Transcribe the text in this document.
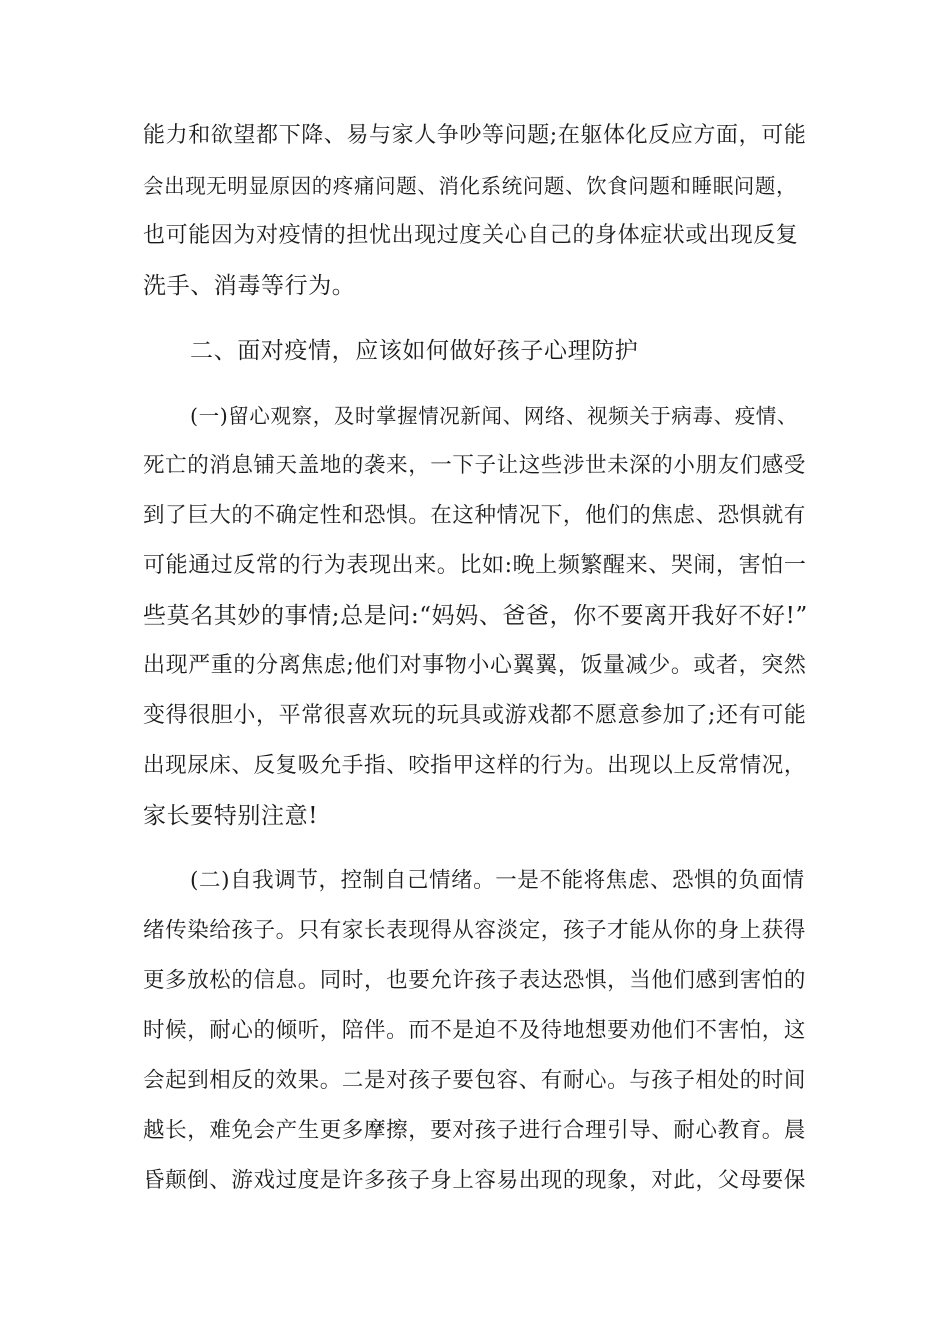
能力和欲望都下降、易与家人争吵等问题;在躯体化反应方面，可能
会出现无明显原因的疼痛问题、消化系统问题、饮食问题和睡眠问题，
也可能因为对疫情的担忧出现过度关心自己的身体症状或出现反复
洗手、消毒等行为。
二、面对疫情，应该如何做好孩子心理防护
(一)留心观察，及时掌握情况新闻、网络、视频关于病毒、疫情、
死亡的消息铺天盖地的袭来，一下子让这些涉世未深的小朋友们感受
到了巨大的不确定性和恐惧。在这种情况下，他们的焦虑、恐惧就有
可能通过反常的行为表现出来。比如:晚上频繁醒来、哭闹，害怕一
些莫名其妙的事情;总是问:“妈妈、爸爸，你不要离开我好不好!”
出现严重的分离焦虑;他们对事物小心翼翼，饭量减少。或者，突然
变得很胆小，平常很喜欢玩的玩具或游戏都不愿意参加了;还有可能
出现尿床、反复吸允手指、咬指甲这样的行为。出现以上反常情况，
家长要特别注意!
(二)自我调节，控制自己情绪。一是不能将焦虑、恐惧的负面情
绪传染给孩子。只有家长表现得从容淡定，孩子才能从你的身上获得
更多放松的信息。同时，也要允许孩子表达恐惧，当他们感到害怕的
时候，耐心的倾听，陪伴。而不是迫不及待地想要劝他们不害怕，这
会起到相反的效果。二是对孩子要包容、有耐心。与孩子相处的时间
越长，难免会产生更多摩擦，要对孩子进行合理引导、耐心教育。晨
昏颠倒、游戏过度是许多孩子身上容易出现的现象，对此，父母要保
